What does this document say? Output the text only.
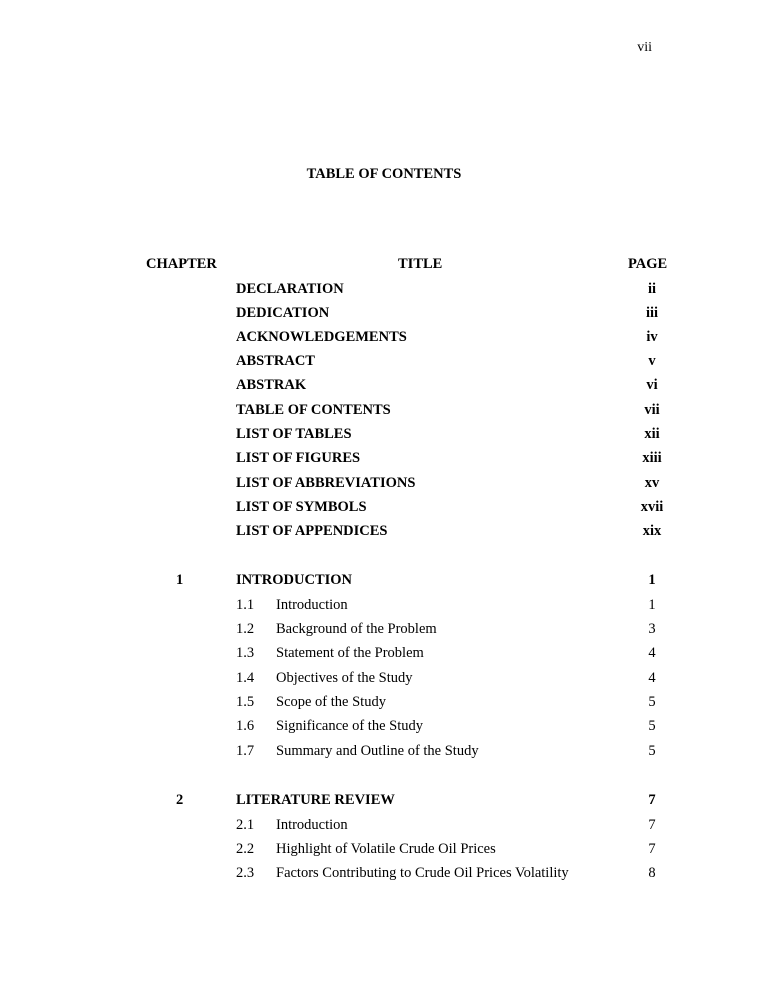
vii
TABLE OF CONTENTS
CHAPTER	TITLE	PAGE
DECLARATION	ii
DEDICATION	iii
ACKNOWLEDGEMENTS	iv
ABSTRACT	v
ABSTRAK	vi
TABLE OF CONTENTS	vii
LIST OF TABLES	xii
LIST OF FIGURES	xiii
LIST OF ABBREVIATIONS	xv
LIST OF SYMBOLS	xvii
LIST OF APPENDICES	xix
1	INTRODUCTION	1
1.1 Introduction	1
1.2 Background of the Problem	3
1.3 Statement of the Problem	4
1.4 Objectives of the Study	4
1.5 Scope of the Study	5
1.6 Significance of the Study	5
1.7 Summary and Outline of the Study	5
2	LITERATURE REVIEW	7
2.1 Introduction	7
2.2 Highlight of Volatile Crude Oil Prices	7
2.3 Factors Contributing to Crude Oil Prices Volatility	8
